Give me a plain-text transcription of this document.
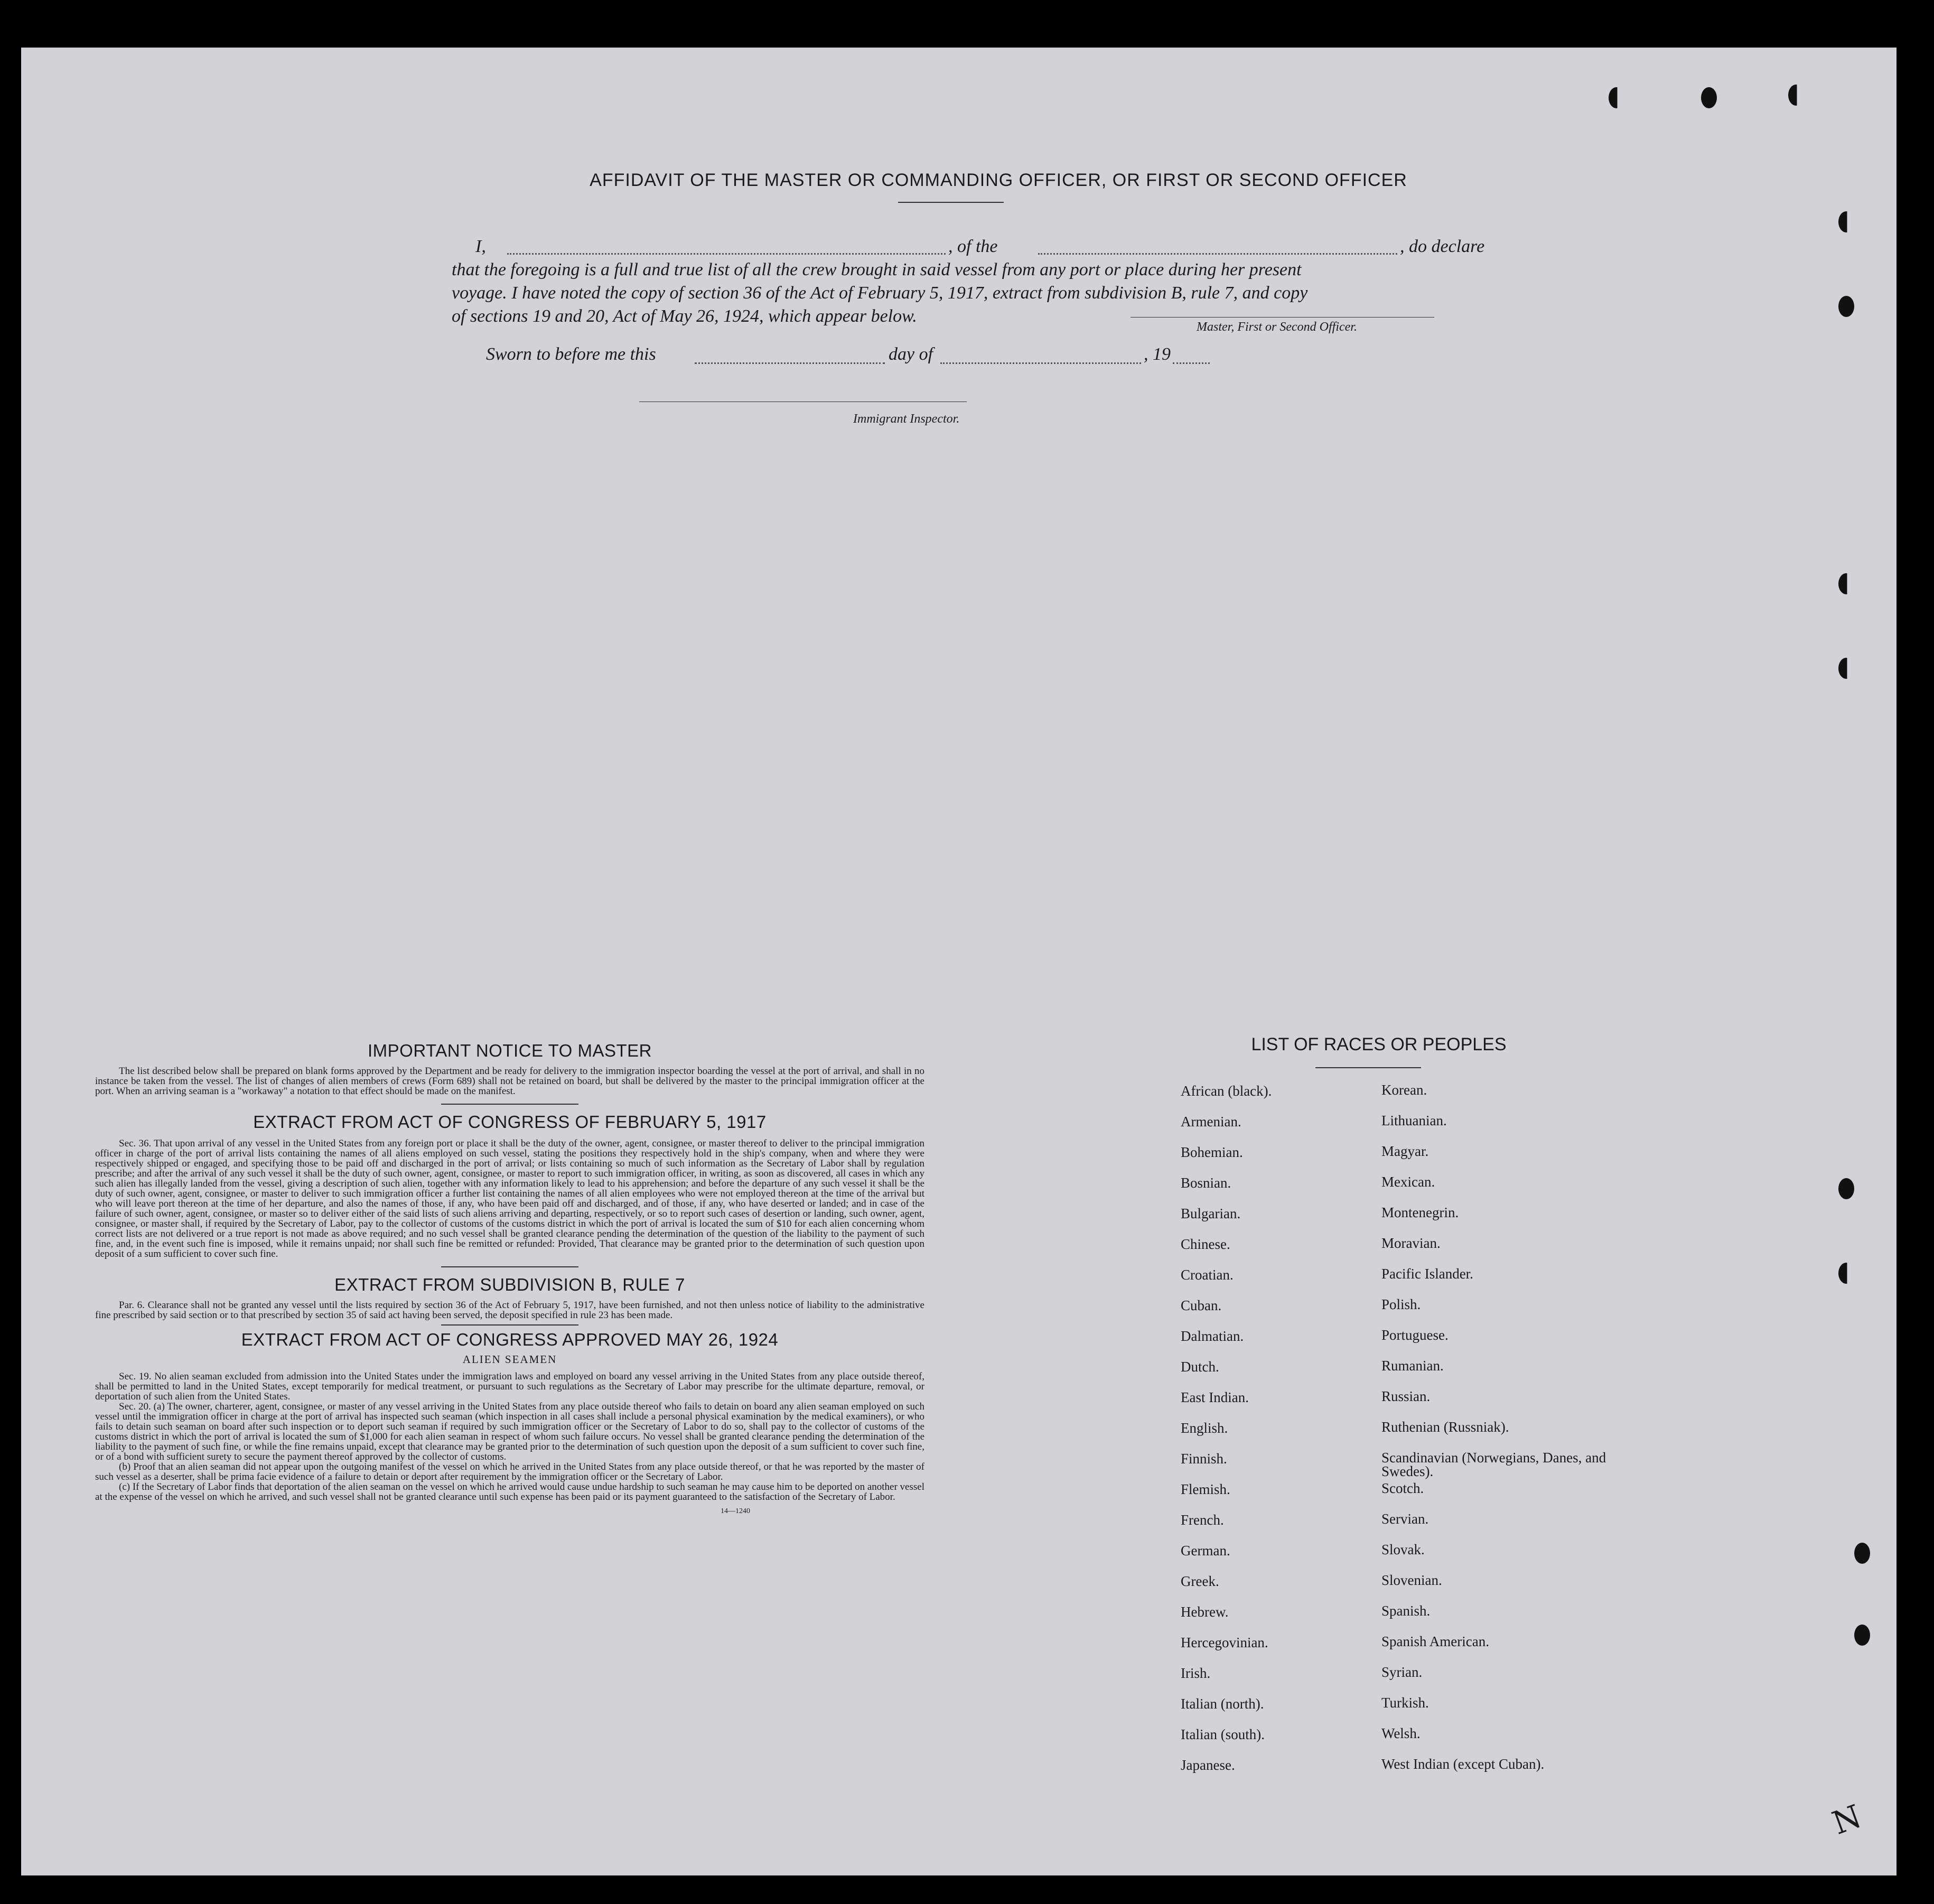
AFFIDAVIT OF THE MASTER OR COMMANDING OFFICER, OR FIRST OR SECOND OFFICER

I,	, of the	, do declare

that the foregoing is a full and true list of all the crew brought in said vessel from any port or place during her present

voyage. I have noted the copy of section 36 of the Act of February 5, 1917, extract from subdivision B, rule 7, and copy

of sections 19 and 20, Act of May 26, 1924, which appear below.

Master, First or Second Officer.
Sworn to before me this	day of	, 19
Immigrant Inspector.

IMPORTANT NOTICE TO MASTER

The list described below shall be prepared on blank forms approved by the Department and be ready for delivery to the immigration inspector boarding the vessel at the port of arrival, and shall in no instance be taken from the vessel. The list of changes of alien members of crews (Form 689) shall not be retained on board, but shall be delivered by the master to the principal immigration officer at the port. When an arriving seaman is a "workaway" a notation to that effect should be made on the manifest.

EXTRACT FROM ACT OF CONGRESS OF FEBRUARY 5, 1917

Sec. 36. That upon arrival of any vessel in the United States from any foreign port or place it shall be the duty of the owner, agent, consignee, or master thereof to deliver to the principal immigration officer in charge of the port of arrival lists containing the names of all aliens employed on such vessel, stating the positions they respectively hold in the ship's company, when and where they were respectively shipped or engaged, and specifying those to be paid off and discharged in the port of arrival; or lists containing so much of such information as the Secretary of Labor shall by regulation prescribe; and after the arrival of any such vessel it shall be the duty of such owner, agent, consignee, or master to report to such immigration officer, in writing, as soon as discovered, all cases in which any such alien has illegally landed from the vessel, giving a description of such alien, together with any information likely to lead to his apprehension; and before the departure of any such vessel it shall be the duty of such owner, agent, consignee, or master to deliver to such immigration officer a further list containing the names of all alien employees who were not employed thereon at the time of the arrival but who will leave port thereon at the time of her departure, and also the names of those, if any, who have been paid off and discharged, and of those, if any, who have deserted or landed; and in case of the failure of such owner, agent, consignee, or master so to deliver either of the said lists of such aliens arriving and departing, respectively, or so to report such cases of desertion or landing, such owner, agent, consignee, or master shall, if required by the Secretary of Labor, pay to the collector of customs of the customs district in which the port of arrival is located the sum of $10 for each alien concerning whom correct lists are not delivered or a true report is not made as above required; and no such vessel shall be granted clearance pending the determination of the question of the liability to the payment of such fine, and, in the event such fine is imposed, while it remains unpaid; nor shall such fine be remitted or refunded: Provided, That clearance may be granted prior to the determination of such question upon deposit of a sum sufficient to cover such fine.

EXTRACT FROM SUBDIVISION B, RULE 7

Par. 6. Clearance shall not be granted any vessel until the lists required by section 36 of the Act of February 5, 1917, have been furnished, and not then unless notice of liability to the administrative fine prescribed by said section or to that prescribed by section 35 of said act having been served, the deposit specified in rule 23 has been made.

EXTRACT FROM ACT OF CONGRESS APPROVED MAY 26, 1924

ALIEN SEAMEN

Sec. 19. No alien seaman excluded from admission into the United States under the immigration laws and employed on board any vessel arriving in the United States from any place outside thereof, shall be permitted to land in the United States, except temporarily for medical treatment, or pursuant to such regulations as the Secretary of Labor may prescribe for the ultimate departure, removal, or deportation of such alien from the United States.

Sec. 20. (a) The owner, charterer, agent, consignee, or master of any vessel arriving in the United States from any place outside thereof who fails to detain on board any alien seaman employed on such vessel until the immigration officer in charge at the port of arrival has inspected such seaman (which inspection in all cases shall include a personal physical examination by the medical examiners), or who fails to detain such seaman on board after such inspection or to deport such seaman if required by such immigration officer or the Secretary of Labor to do so, shall pay to the collector of customs of the customs district in which the port of arrival is located the sum of $1,000 for each alien seaman in respect of whom such failure occurs. No vessel shall be granted clearance pending the determination of the liability to the payment of such fine, or while the fine remains unpaid, except that clearance may be granted prior to the determination of such question upon the deposit of a sum sufficient to cover such fine, or of a bond with sufficient surety to secure the payment thereof approved by the collector of customs.

(b) Proof that an alien seaman did not appear upon the outgoing manifest of the vessel on which he arrived in the United States from any place outside thereof, or that he was reported by the master of such vessel as a deserter, shall be prima facie evidence of a failure to detain or deport after requirement by the immigration officer or the Secretary of Labor.

(c) If the Secretary of Labor finds that deportation of the alien seaman on the vessel on which he arrived would cause undue hardship to such seaman he may cause him to be deported on another vessel at the expense of the vessel on which he arrived, and such vessel shall not be granted clearance until such expense has been paid or its payment guaranteed to the satisfaction of the Secretary of Labor.

14—1240

LIST OF RACES OR PEOPLES
African (black).	Korean.
Armenian.	Lithuanian.
Bohemian.	Magyar.
Bosnian.	Mexican.
Bulgarian.	Montenegrin.
Chinese.	Moravian.
Croatian.	Pacific Islander.
Cuban.	Polish.
Dalmatian.	Portuguese.
Dutch.	Rumanian.
East Indian.	Russian.
English.	Ruthenian (Russniak).
Finnish.	Scandinavian (Norwegians, Danes, and Swedes).
Flemish.	Scotch.
French.	Servian.
German.	Slovak.
Greek.	Slovenian.
Hebrew.	Spanish.
Hercegovinian.	Spanish American.
Irish.	Syrian.
Italian (north).	Turkish.
Italian (south).	Welsh.
Japanese.	West Indian (except Cuban).
N
